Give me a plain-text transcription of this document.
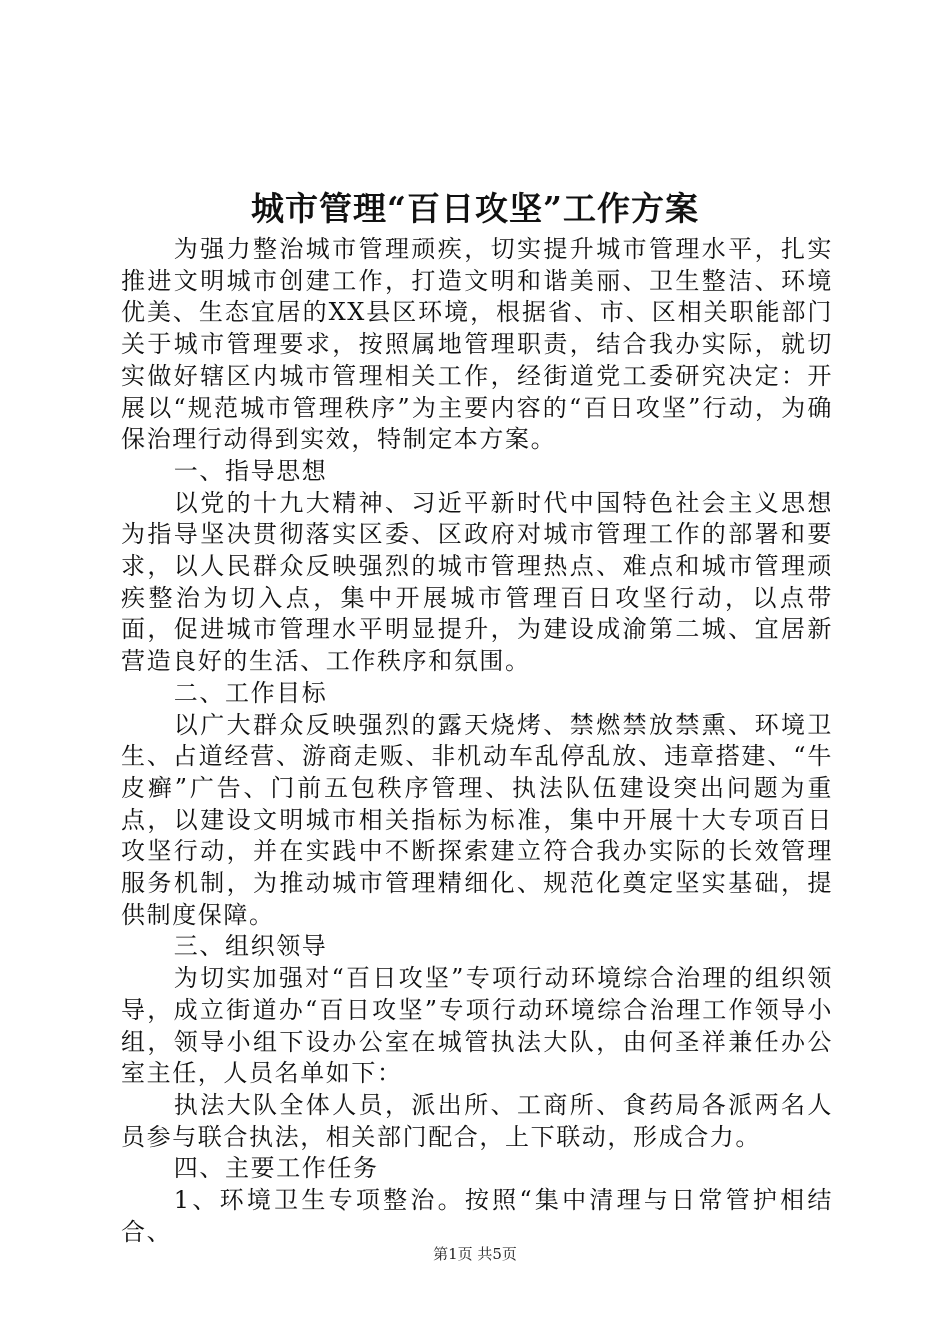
城市管理“百日攻坚”工作方案

为强力整治城市管理顽疾，切实提升城市管理水平，扎实推进文明城市创建工作，打造文明和谐美丽、卫生整洁、环境优美、生态宜居的XX县区环境，根据省、市、区相关职能部门关于城市管理要求，按照属地管理职责，结合我办实际，就切实做好辖区内城市管理相关工作，经街道党工委研究决定：开展以“规范城市管理秩序”为主要内容的“百日攻坚”行动，为确保治理行动得到实效，特制定本方案。

一、指导思想

以党的十九大精神、习近平新时代中国特色社会主义思想为指导坚决贯彻落实区委、区政府对城市管理工作的部署和要求，以人民群众反映强烈的城市管理热点、难点和城市管理顽疾整治为切入点，集中开展城市管理百日攻坚行动，以点带面，促进城市管理水平明显提升，为建设成渝第二城、宜居新营造良好的生活、工作秩序和氛围。

二、工作目标

以广大群众反映强烈的露天烧烤、禁燃禁放禁熏、环境卫生、占道经营、游商走贩、非机动车乱停乱放、违章搭建、“牛皮癣”广告、门前五包秩序管理、执法队伍建设突出问题为重点，以建设文明城市相关指标为标准，集中开展十大专项百日攻坚行动，并在实践中不断探索建立符合我办实际的长效管理服务机制，为推动城市管理精细化、规范化奠定坚实基础，提供制度保障。

三、组织领导

为切实加强对“百日攻坚”专项行动环境综合治理的组织领导，成立街道办“百日攻坚”专项行动环境综合治理工作领导小组，领导小组下设办公室在城管执法大队，由何圣祥兼任办公室主任，人员名单如下：

执法大队全体人员，派出所、工商所、食药局各派两名人员参与联合执法，相关部门配合，上下联动，形成合力。

四、主要工作任务

1、环境卫生专项整治。按照“集中清理与日常管护相结合、

第1页 共5页
